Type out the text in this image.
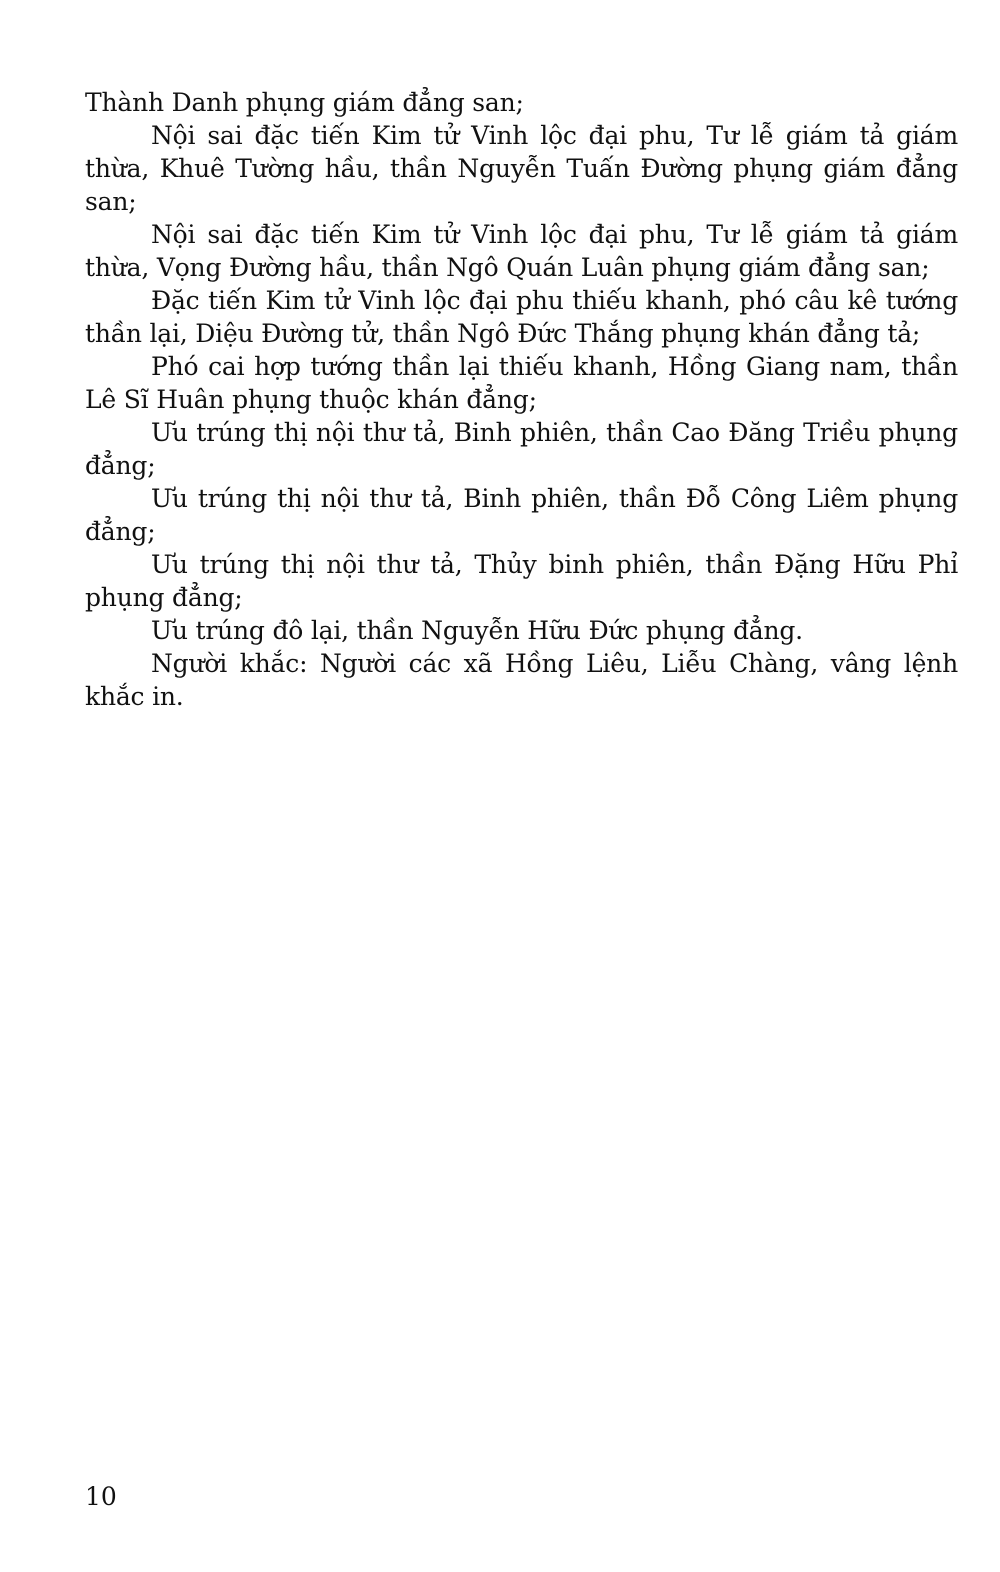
Thành Danh phụng giám đẳng san;

Nội sai đặc tiến Kim tử Vinh lộc đại phu, Tư lễ giám tả giám thừa, Khuê Tường hầu, thần Nguyễn Tuấn Đường phụng giám đẳng san;

Nội sai đặc tiến Kim tử Vinh lộc đại phu, Tư lễ giám tả giám thừa, Vọng Đường hầu, thần Ngô Quán Luân phụng giám đẳng san;

Đặc tiến Kim tử Vinh lộc đại phu thiếu khanh, phó câu kê tướng thần lại, Diệu Đường tử, thần Ngô Đức Thắng phụng khán đẳng tả;

Phó cai hợp tướng thần lại thiếu khanh, Hồng Giang nam, thần Lê Sĩ Huân phụng thuộc khán đẳng;

Ưu trúng thị nội thư tả, Binh phiên, thần Cao Đăng Triều phụng đẳng;

Ưu trúng thị nội thư tả, Binh phiên, thần Đỗ Công Liêm phụng đẳng;

Ưu trúng thị nội thư tả, Thủy binh phiên, thần Đặng Hữu Phỉ phụng đẳng;

Ưu trúng đô lại, thần Nguyễn Hữu Đức phụng đẳng.

Người khắc: Người các xã Hồng Liêu, Liễu Chàng, vâng lệnh khắc in.

10
